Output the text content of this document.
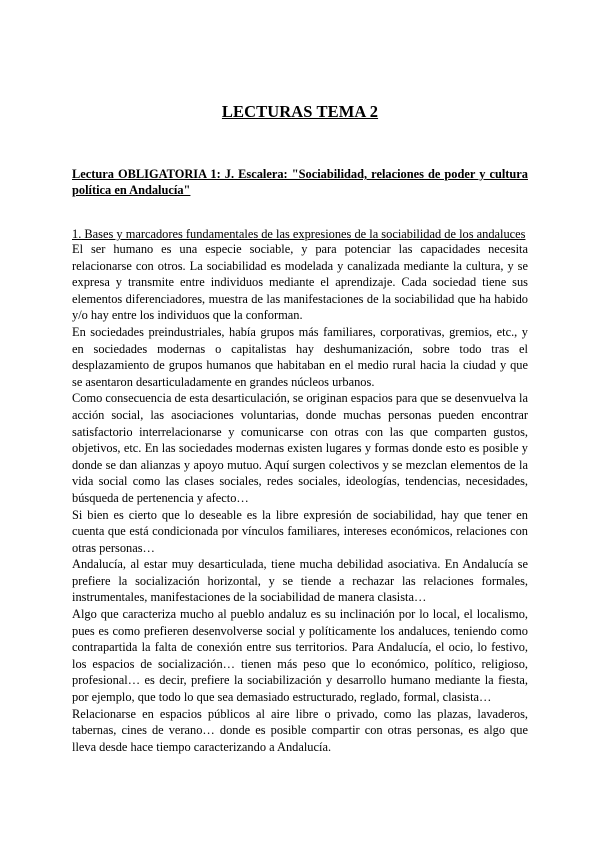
LECTURAS TEMA 2
Lectura OBLIGATORIA 1: J. Escalera: "Sociabilidad, relaciones de poder y cultura política en Andalucía"
1. Bases y marcadores fundamentales de las expresiones de la sociabilidad de los andaluces

El ser humano es una especie sociable, y para potenciar las capacidades necesita relacionarse con otros. La sociabilidad es modelada y canalizada mediante la cultura, y se expresa y transmite entre individuos mediante el aprendizaje. Cada sociedad tiene sus elementos diferenciadores, muestra de las manifestaciones de la sociabilidad que ha habido y/o hay entre los individuos que la conforman.

En sociedades preindustriales, había grupos más familiares, corporativas, gremios, etc., y en sociedades modernas o capitalistas hay deshumanización, sobre todo tras el desplazamiento de grupos humanos que habitaban en el medio rural hacia la ciudad y que se asentaron desarticuladamente en grandes núcleos urbanos.

Como consecuencia de esta desarticulación, se originan espacios para que se desenvuelva la acción social, las asociaciones voluntarias, donde muchas personas pueden encontrar satisfactorio interrelacionarse y comunicarse con otras con las que comparten gustos, objetivos, etc. En las sociedades modernas existen lugares y formas donde esto es posible y donde se dan alianzas y apoyo mutuo. Aquí surgen colectivos y se mezclan elementos de la vida social como las clases sociales, redes sociales, ideologías, tendencias, necesidades, búsqueda de pertenencia y afecto…

Si bien es cierto que lo deseable es la libre expresión de sociabilidad, hay que tener en cuenta que está condicionada por vínculos familiares, intereses económicos, relaciones con otras personas…

Andalucía, al estar muy desarticulada, tiene mucha debilidad asociativa. En Andalucía se prefiere la socialización horizontal, y se tiende a rechazar las relaciones formales, instrumentales, manifestaciones de la sociabilidad de manera clasista…

Algo que caracteriza mucho al pueblo andaluz es su inclinación por lo local, el localismo, pues es como prefieren desenvolverse social y políticamente los andaluces, teniendo como contrapartida la falta de conexión entre sus territorios. Para Andalucía, el ocio, lo festivo, los espacios de socialización… tienen más peso que lo económico, político, religioso, profesional… es decir, prefiere la sociabilización y desarrollo humano mediante la fiesta, por ejemplo, que todo lo que sea demasiado estructurado, reglado, formal, clasista…

Relacionarse en espacios públicos al aire libre o privado, como las plazas, lavaderos, tabernas, cines de verano… donde es posible compartir con otras personas, es algo que lleva desde hace tiempo caracterizando a Andalucía.
